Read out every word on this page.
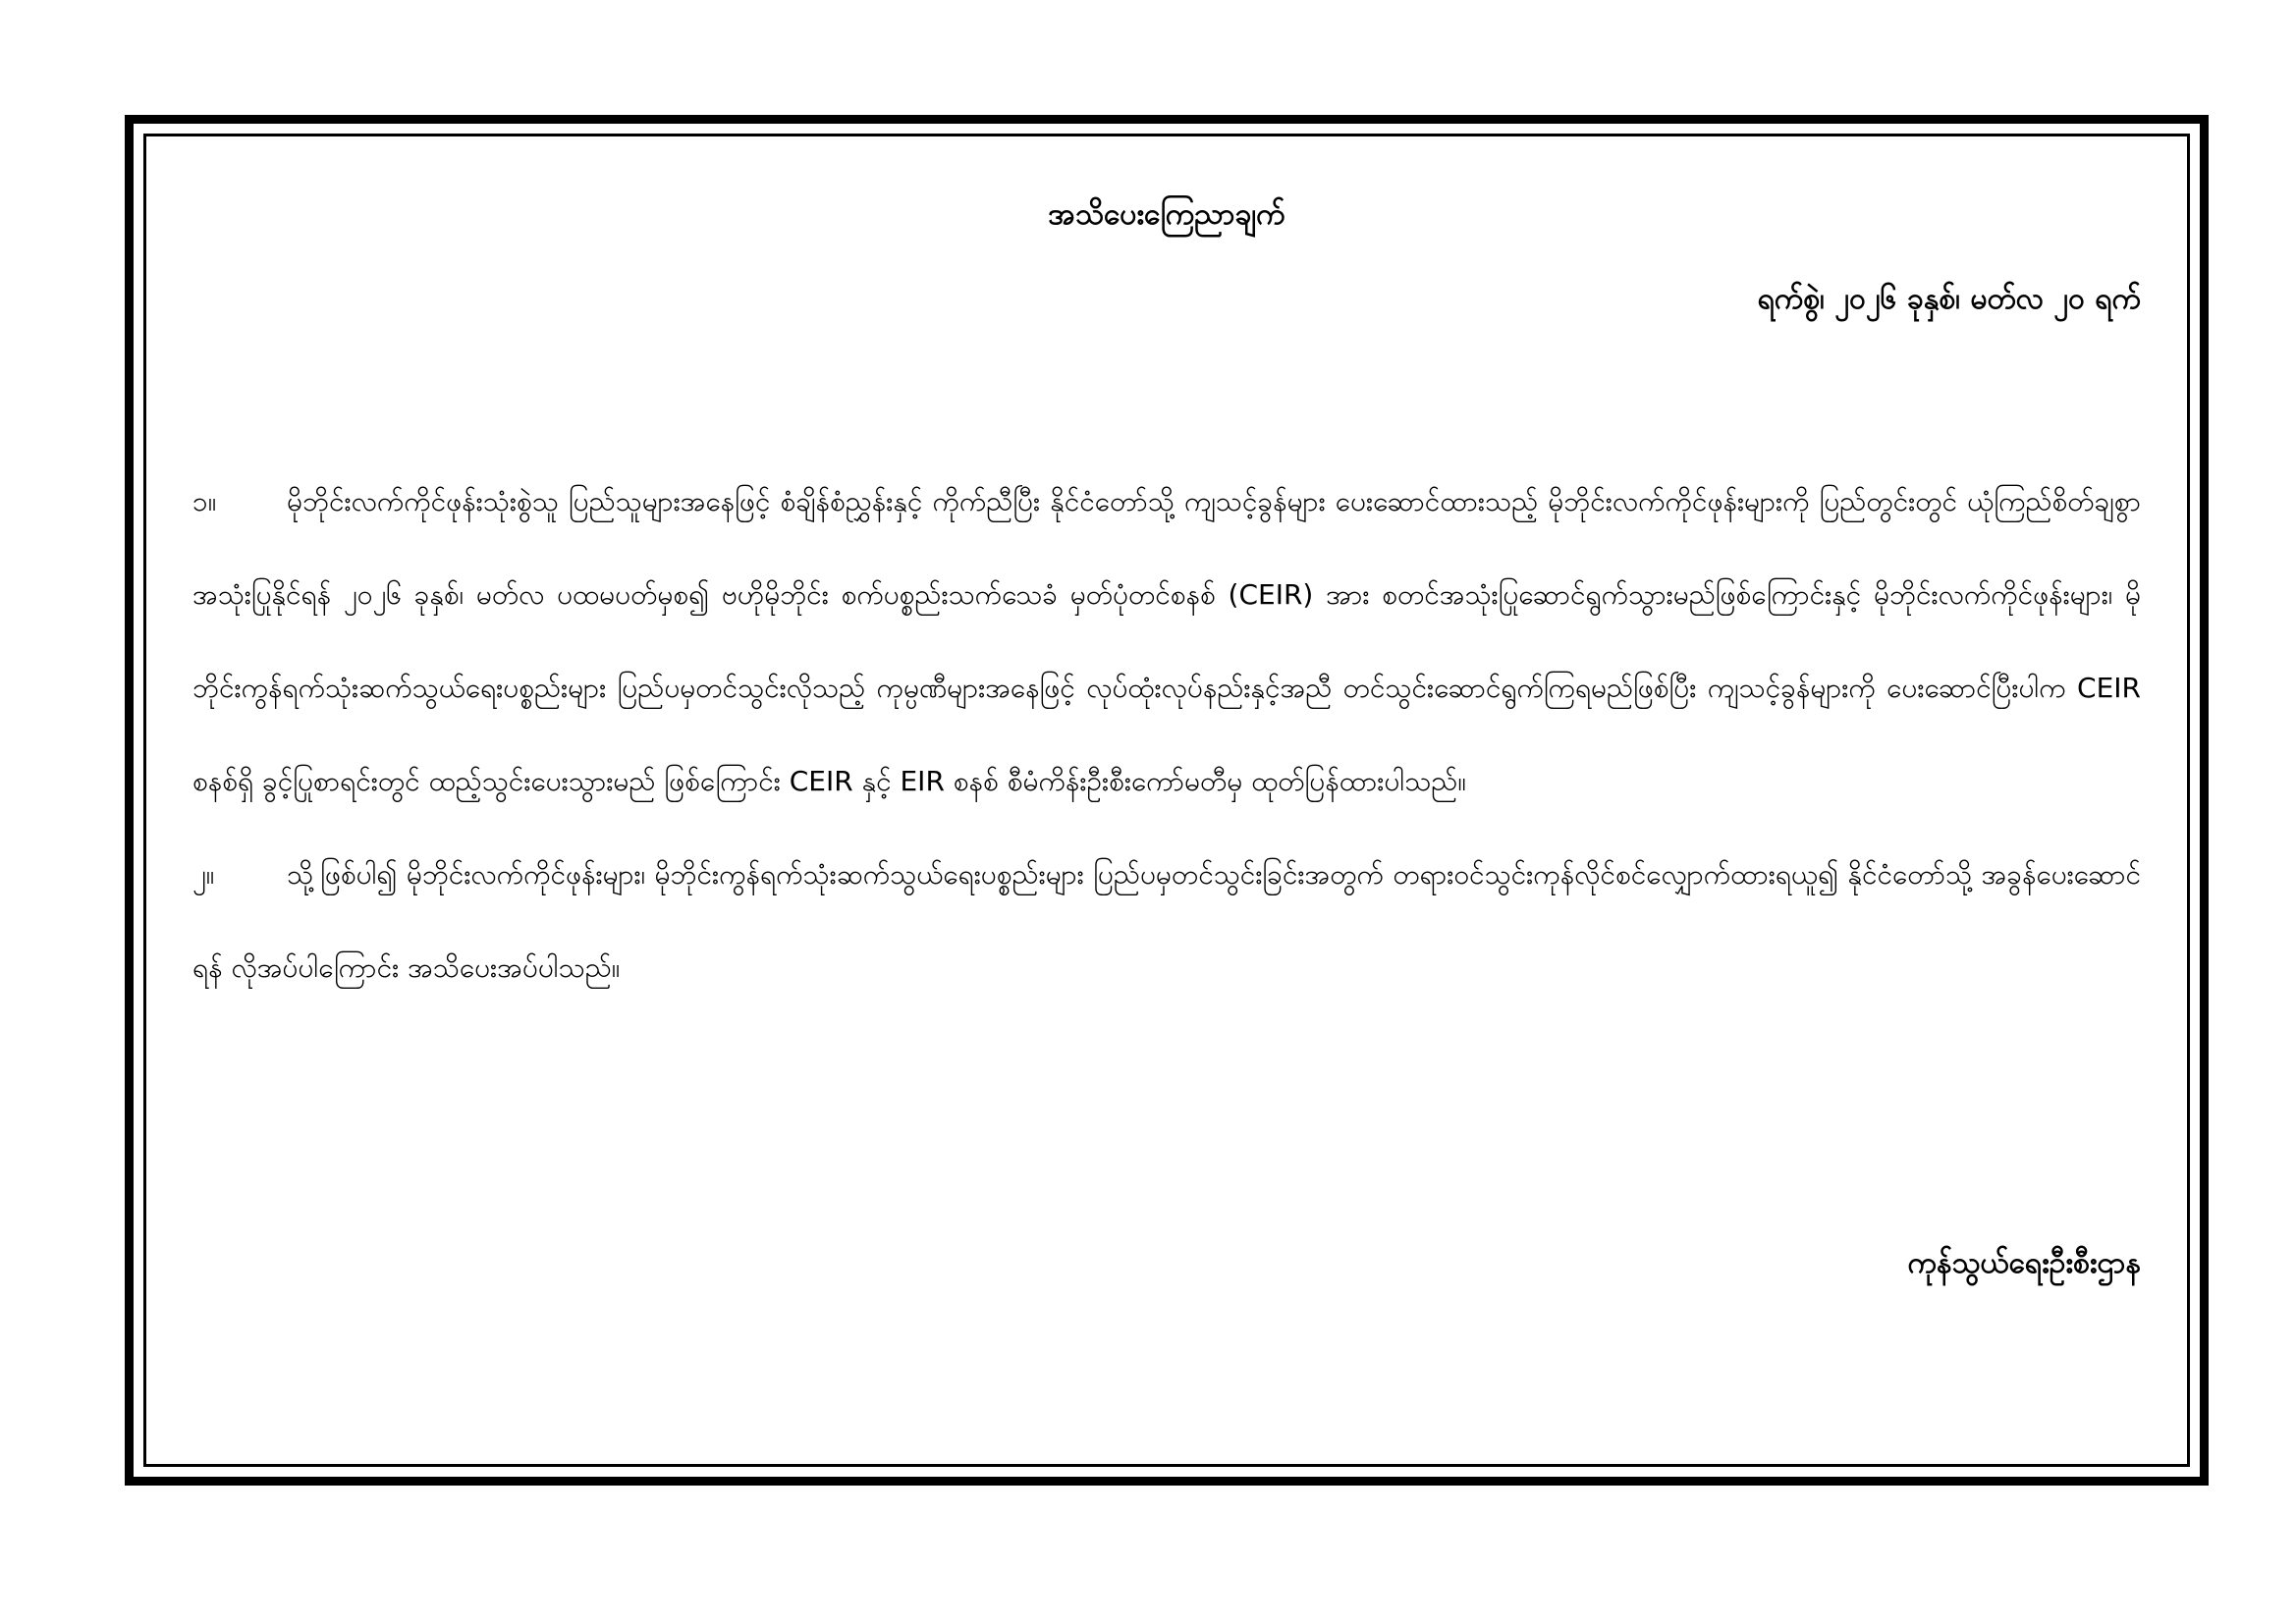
အသိပေးကြေညာချက်
ရက်စွဲ၊ ၂၀၂၆ ခုနှစ်၊ မတ်လ ၂၀ ရက်

၁။	မိုဘိုင်းလက်ကိုင်ဖုန်းသုံးစွဲသူ ပြည်သူများအနေဖြင့် စံချိန်စံညွှန်းနှင့် ကိုက်ညီပြီး နိုင်ငံတော်သို့ ကျသင့်ခွန်များ ပေးဆောင်ထားသည့် မိုဘိုင်းလက်ကိုင်ဖုန်းများကို ပြည်တွင်းတွင် ယုံကြည်စိတ်ချစွာ အသုံးပြုနိုင်ရန် ၂၀၂၆ ခုနှစ်၊ မတ်လ ပထမပတ်မှစ၍ ဗဟိုမိုဘိုင်း စက်ပစ္စည်းသက်သေခံ မှတ်ပုံတင်စနစ် (CEIR) အား စတင်အသုံးပြုဆောင်ရွက်သွားမည်ဖြစ်ကြောင်းနှင့် မိုဘိုင်းလက်ကိုင်ဖုန်းများ၊ မိုဘိုင်းကွန်ရက်သုံးဆက်သွယ်ရေးပစ္စည်းများ ပြည်ပမှတင်သွင်းလိုသည့် ကုမ္ပဏီများအနေဖြင့် လုပ်ထုံးလုပ်နည်းနှင့်အညီ တင်သွင်းဆောင်ရွက်ကြရမည်ဖြစ်ပြီး ကျသင့်ခွန်များကို ပေးဆောင်ပြီးပါက CEIR စနစ်ရှိ ခွင့်ပြုစာရင်းတွင် ထည့်သွင်းပေးသွားမည် ဖြစ်ကြောင်း CEIR နှင့် EIR စနစ် စီမံကိန်းဦးစီးကော်မတီမှ ထုတ်ပြန်ထားပါသည်။

၂။	သို့ဖြစ်ပါ၍ မိုဘိုင်းလက်ကိုင်ဖုန်းများ၊ မိုဘိုင်းကွန်ရက်သုံးဆက်သွယ်ရေးပစ္စည်းများ ပြည်ပမှတင်သွင်းခြင်းအတွက် တရားဝင်သွင်းကုန်လိုင်စင်လျှောက်ထားရယူ၍ နိုင်ငံတော်သို့ အခွန်ပေးဆောင်ရန် လိုအပ်ပါကြောင်း အသိပေးအပ်ပါသည်။

ကုန်သွယ်ရေးဦးစီးဌာန
